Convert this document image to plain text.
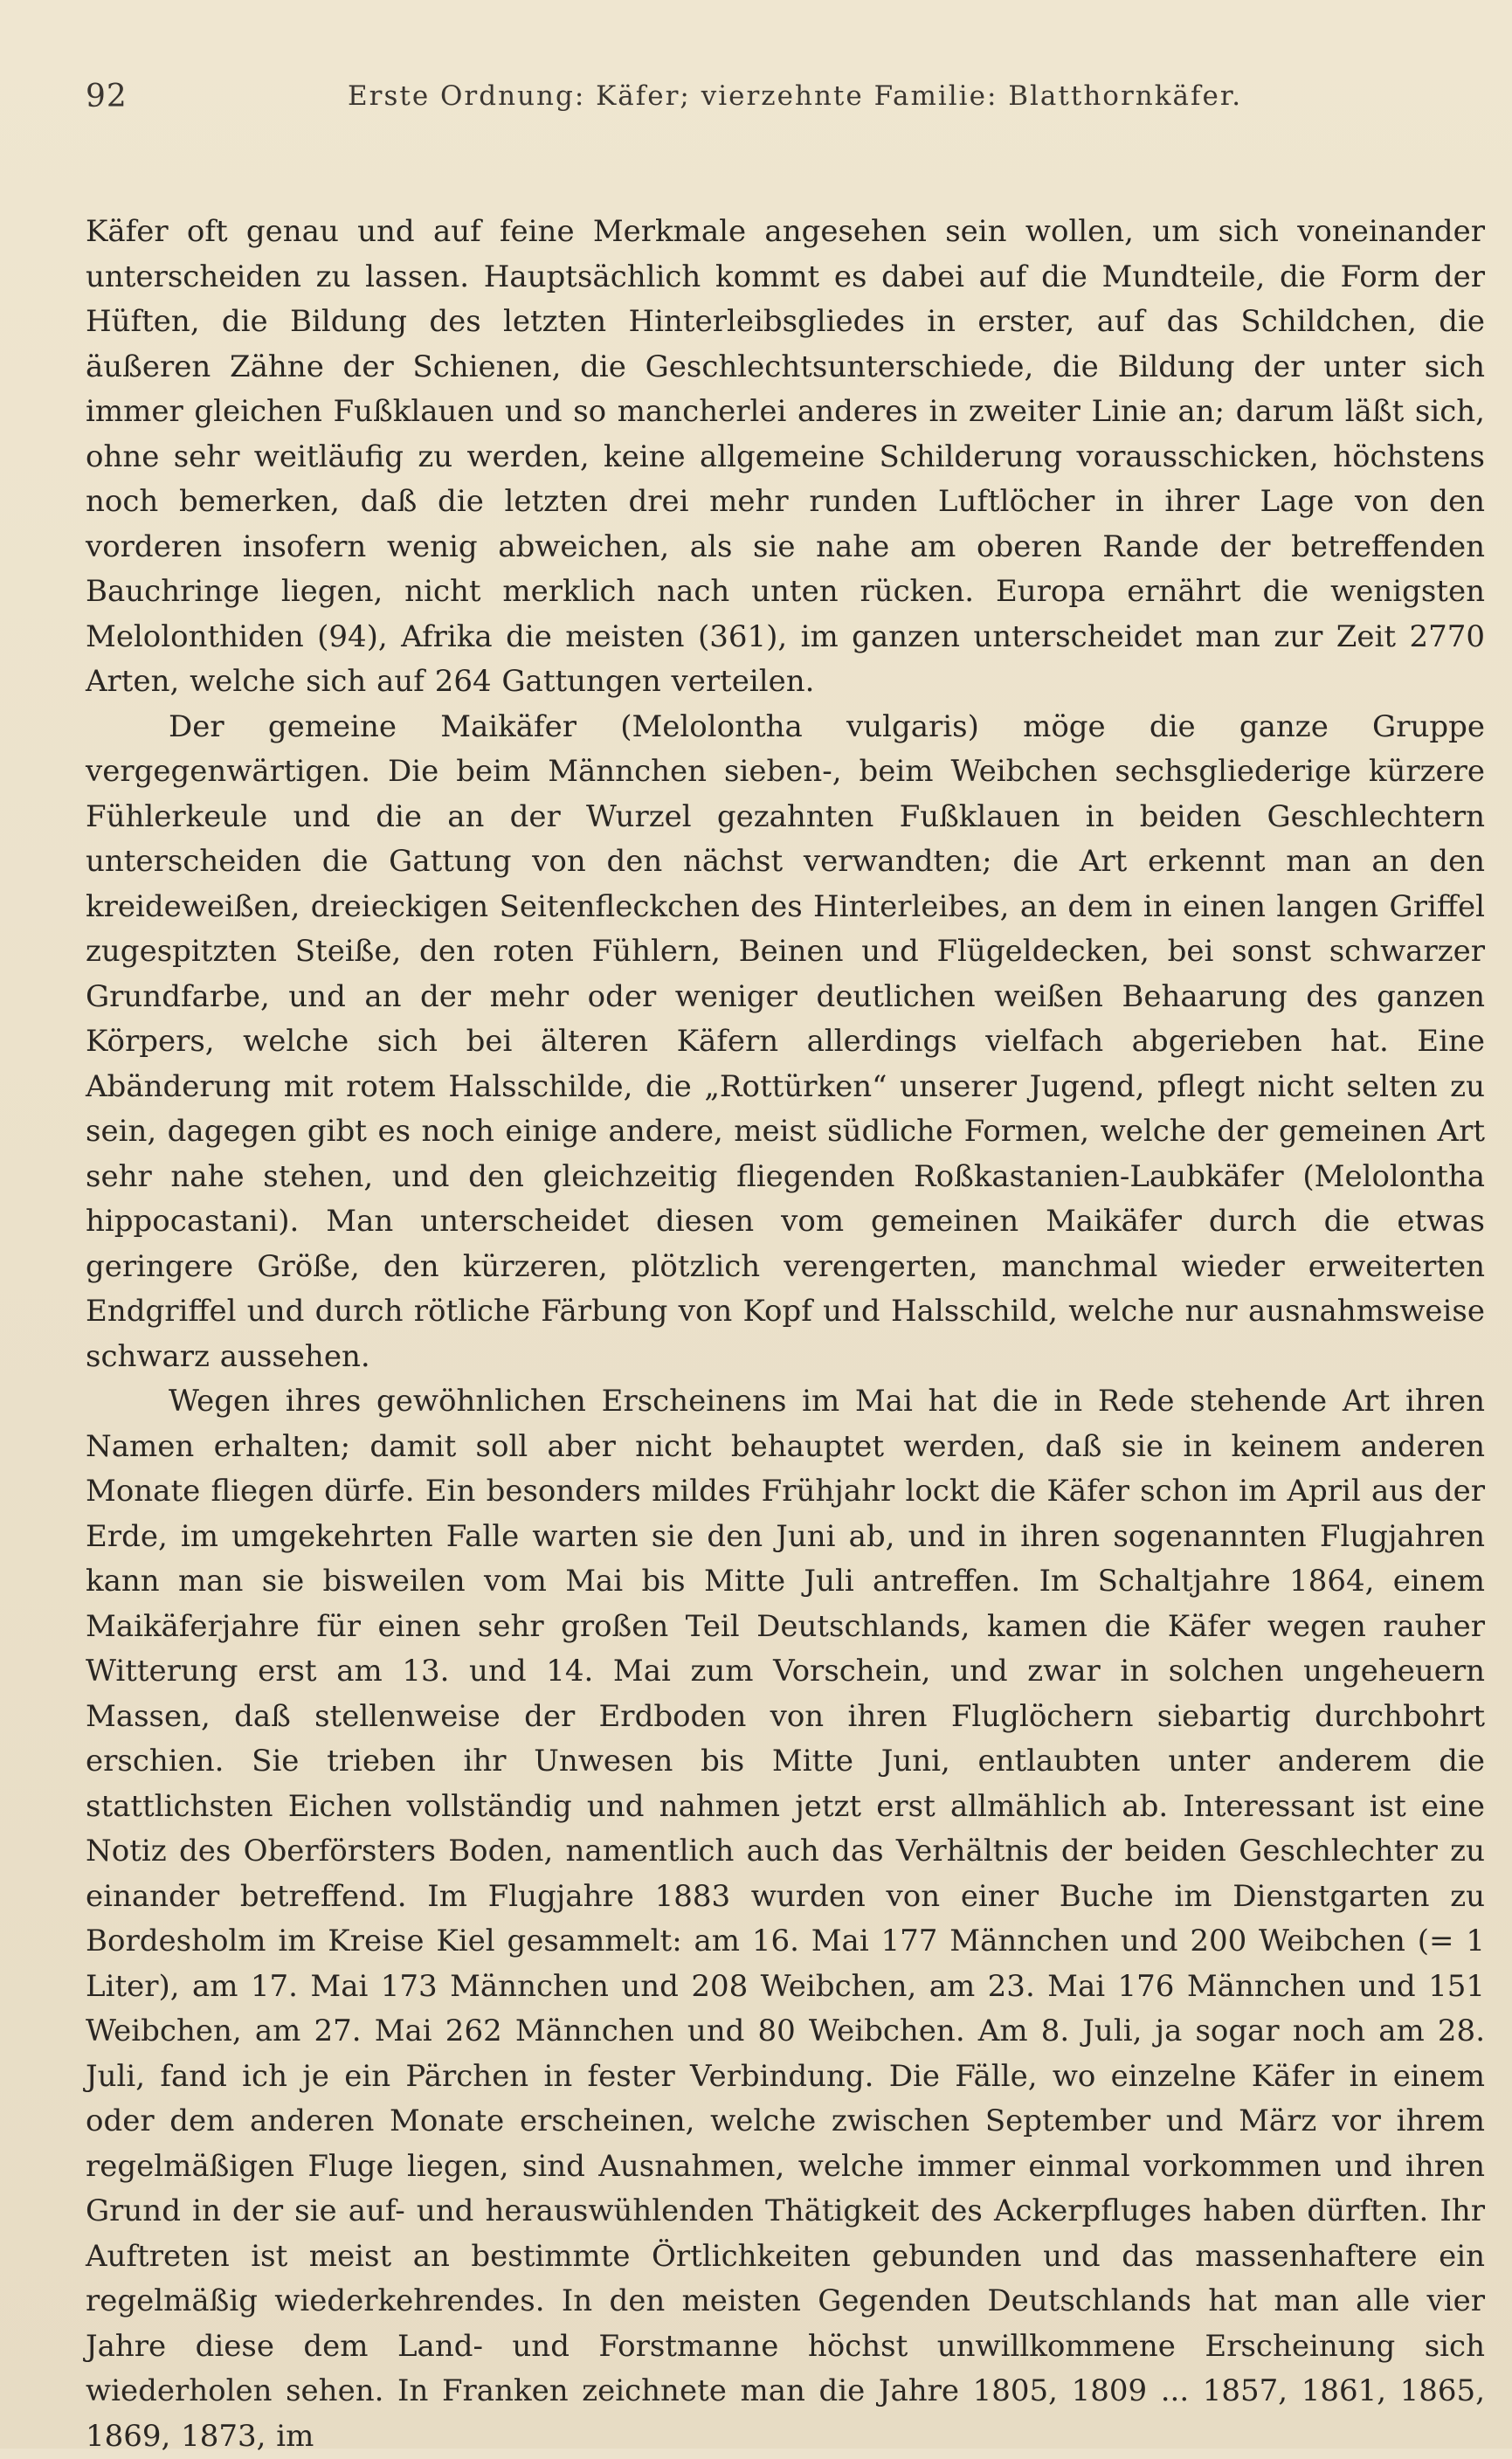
92	Erste Ordnung: Käfer; vierzehnte Familie: Blatthornkäfer.

Käfer oft genau und auf feine Merkmale angesehen sein wollen, um sich voneinander unterscheiden zu lassen. Hauptsächlich kommt es dabei auf die Mundteile, die Form der Hüften, die Bildung des letzten Hinterleibsgliedes in erster, auf das Schildchen, die äußeren Zähne der Schienen, die Geschlechtsunterschiede, die Bildung der unter sich immer gleichen Fußklauen und so mancherlei anderes in zweiter Linie an; darum läßt sich, ohne sehr weitläufig zu werden, keine allgemeine Schilderung vorausschicken, höchstens noch bemerken, daß die letzten drei mehr runden Luftlöcher in ihrer Lage von den vorderen insofern wenig abweichen, als sie nahe am oberen Rande der betreffenden Bauchringe liegen, nicht merklich nach unten rücken. Europa ernährt die wenigsten Melolonthiden (94), Afrika die meisten (361), im ganzen unterscheidet man zur Zeit 2770 Arten, welche sich auf 264 Gattungen verteilen.

Der gemeine Maikäfer (Melolontha vulgaris) möge die ganze Gruppe vergegenwärtigen. Die beim Männchen sieben-, beim Weibchen sechsgliederige kürzere Fühlerkeule und die an der Wurzel gezahnten Fußklauen in beiden Geschlechtern unterscheiden die Gattung von den nächst verwandten; die Art erkennt man an den kreideweißen, dreieckigen Seitenfleckchen des Hinterleibes, an dem in einen langen Griffel zugespitzten Steiße, den roten Fühlern, Beinen und Flügeldecken, bei sonst schwarzer Grundfarbe, und an der mehr oder weniger deutlichen weißen Behaarung des ganzen Körpers, welche sich bei älteren Käfern allerdings vielfach abgerieben hat. Eine Abänderung mit rotem Halsschilde, die „Rottürken“ unserer Jugend, pflegt nicht selten zu sein, dagegen gibt es noch einige andere, meist südliche Formen, welche der gemeinen Art sehr nahe stehen, und den gleichzeitig fliegenden Roßkastanien-Laubkäfer (Melolontha hippocastani). Man unterscheidet diesen vom gemeinen Maikäfer durch die etwas geringere Größe, den kürzeren, plötzlich verengerten, manchmal wieder erweiterten Endgriffel und durch rötliche Färbung von Kopf und Halsschild, welche nur ausnahmsweise schwarz aussehen.

Wegen ihres gewöhnlichen Erscheinens im Mai hat die in Rede stehende Art ihren Namen erhalten; damit soll aber nicht behauptet werden, daß sie in keinem anderen Monate fliegen dürfe. Ein besonders mildes Frühjahr lockt die Käfer schon im April aus der Erde, im umgekehrten Falle warten sie den Juni ab, und in ihren sogenannten Flugjahren kann man sie bisweilen vom Mai bis Mitte Juli antreffen. Im Schaltjahre 1864, einem Maikäferjahre für einen sehr großen Teil Deutschlands, kamen die Käfer wegen rauher Witterung erst am 13. und 14. Mai zum Vorschein, und zwar in solchen ungeheuern Massen, daß stellenweise der Erdboden von ihren Fluglöchern siebartig durchbohrt erschien. Sie trieben ihr Unwesen bis Mitte Juni, entlaubten unter anderem die stattlichsten Eichen vollständig und nahmen jetzt erst allmählich ab. Interessant ist eine Notiz des Oberförsters Boden, namentlich auch das Verhältnis der beiden Geschlechter zu einander betreffend. Im Flugjahre 1883 wurden von einer Buche im Dienstgarten zu Bordesholm im Kreise Kiel gesammelt: am 16. Mai 177 Männchen und 200 Weibchen (= 1 Liter), am 17. Mai 173 Männchen und 208 Weibchen, am 23. Mai 176 Männchen und 151 Weibchen, am 27. Mai 262 Männchen und 80 Weibchen. Am 8. Juli, ja sogar noch am 28. Juli, fand ich je ein Pärchen in fester Verbindung. Die Fälle, wo einzelne Käfer in einem oder dem anderen Monate erscheinen, welche zwischen September und März vor ihrem regelmäßigen Fluge liegen, sind Ausnahmen, welche immer einmal vorkommen und ihren Grund in der sie auf- und herauswühlenden Thätigkeit des Ackerpfluges haben dürften. Ihr Auftreten ist meist an bestimmte Örtlichkeiten gebunden und das massenhaftere ein regelmäßig wiederkehrendes. In den meisten Gegenden Deutschlands hat man alle vier Jahre diese dem Land- und Forstmanne höchst unwillkommene Erscheinung sich wiederholen sehen. In Franken zeichnete man die Jahre 1805, 1809 ... 1857, 1861, 1865, 1869, 1873, im
